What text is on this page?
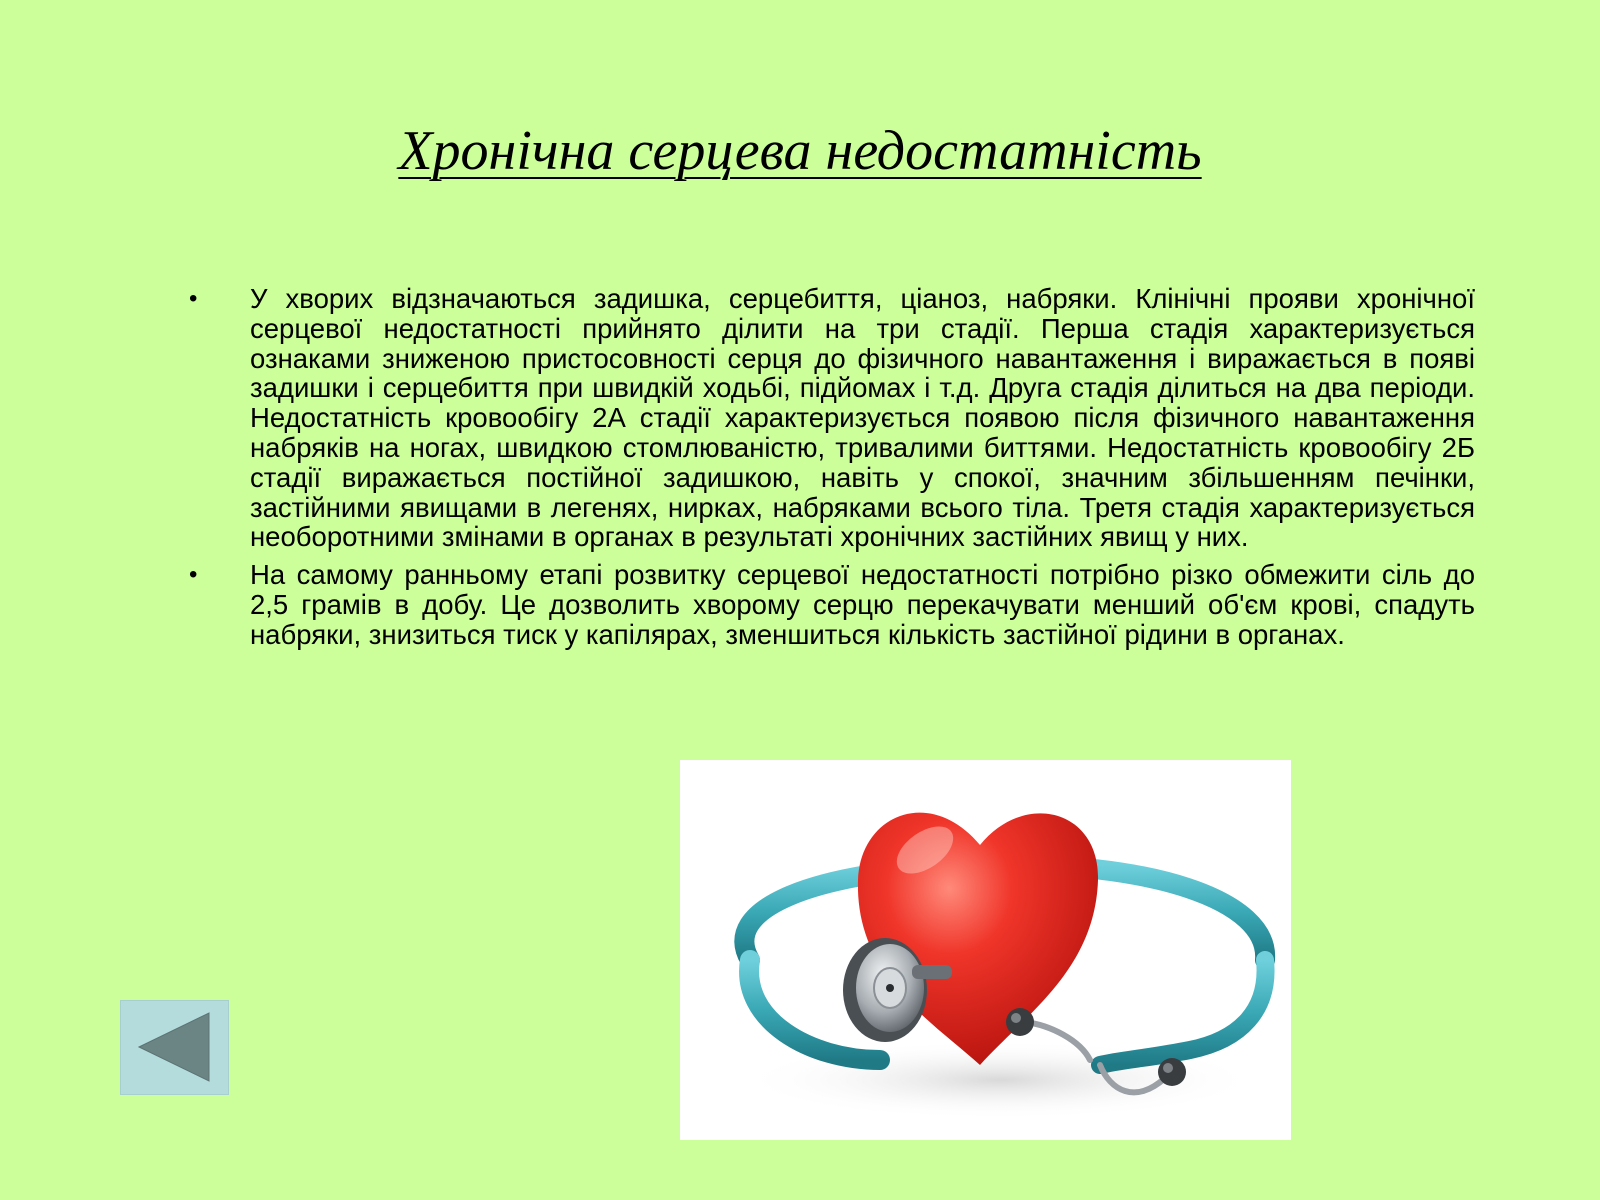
Хронічна серцева недостатність
• У хворих відзначаються задишка, серцебиття, ціаноз, набряки. Клінічні прояви хронічної серцевої недостатності прийнято ділити на три стадії. Перша стадія характеризується ознаками зниженою пристосовності серця до фізичного навантаження і виражається в появі задишки і серцебиття при швидкій ходьбі, підйомах і т.д. Друга стадія ділиться на два періоди. Недостатність кровообігу 2А стадії характеризується появою після фізичного навантаження набряків на ногах, швидкою стомлюваністю, тривалими биттями. Недостатність кровообігу 2Б стадії виражається постійної задишкою, навіть у спокої, значним збільшенням печінки, застійними явищами в легенях, нирках, набряками всього тіла. Третя стадія характеризується необоротними змінами в органах в результаті хронічних застійних явищ у них.
• На самому ранньому етапі розвитку серцевої недостатності потрібно різко обмежити сіль до 2,5 грамів в добу. Це дозволить хворому серцю перекачувати менший об'єм крові, спадуть набряки, знизиться тиск у капілярах, зменшиться кількість застійної рідини в органах.
